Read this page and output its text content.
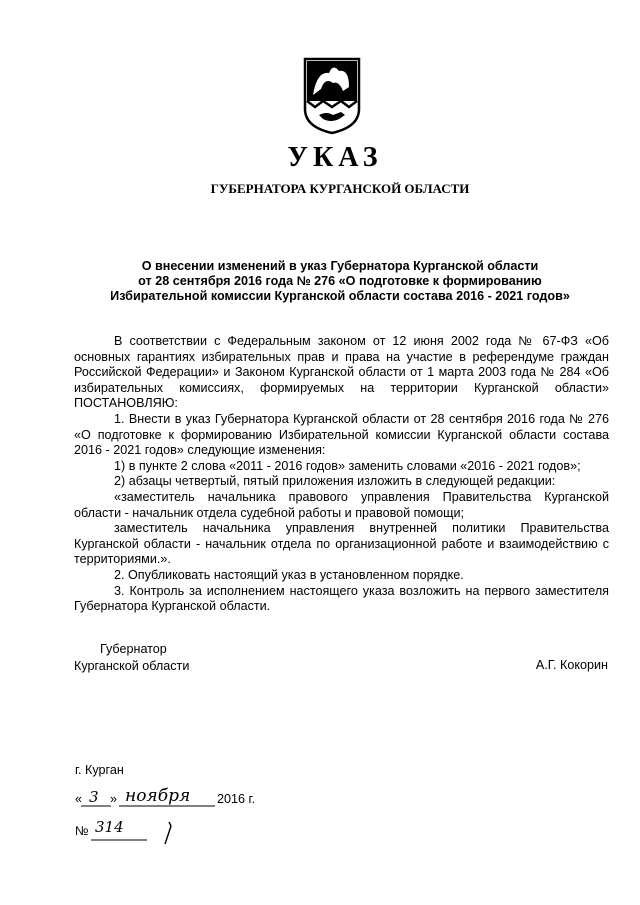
УКАЗ
ГУБЕРНАТОРА КУРГАНСКОЙ ОБЛАСТИ
О внесении изменений в указ Губернатора Курганской области
от 28 сентября 2016 года № 276 «О подготовке к формированию
Избирательной комиссии Курганской области состава 2016 - 2021 годов»
В соответствии с Федеральным законом от 12 июня 2002 года № 67-ФЗ «Об основных гарантиях избирательных прав и права на участие в референдуме граждан Российской Федерации» и Законом Курганской области от 1 марта 2003 года № 284 «Об избирательных комиссиях, формируемых на территории Курганской области» ПОСТАНОВЛЯЮ:
1. Внести в указ Губернатора Курганской области от 28 сентября 2016 года № 276 «О подготовке к формированию Избирательной комиссии Курганской области состава 2016 - 2021 годов» следующие изменения:
1) в пункте 2 слова «2011 - 2016 годов» заменить словами «2016 - 2021 годов»;
2) абзацы четвертый, пятый приложения изложить в следующей редакции:
«заместитель начальника правового управления Правительства Курганской области - начальник отдела судебной работы и правовой помощи;
заместитель начальника управления внутренней политики Правительства Курганской области - начальник отдела по организационной работе и взаимодействию с территориями.».
2. Опубликовать настоящий указ в установленном порядке.
3. Контроль за исполнением настоящего указа возложить на первого заместителя Губернатора Курганской области.
Губернатор
Курганской области	А.Г. Кокорин
г. Курган
« 3 » ноября 2016 г.
№ 314
